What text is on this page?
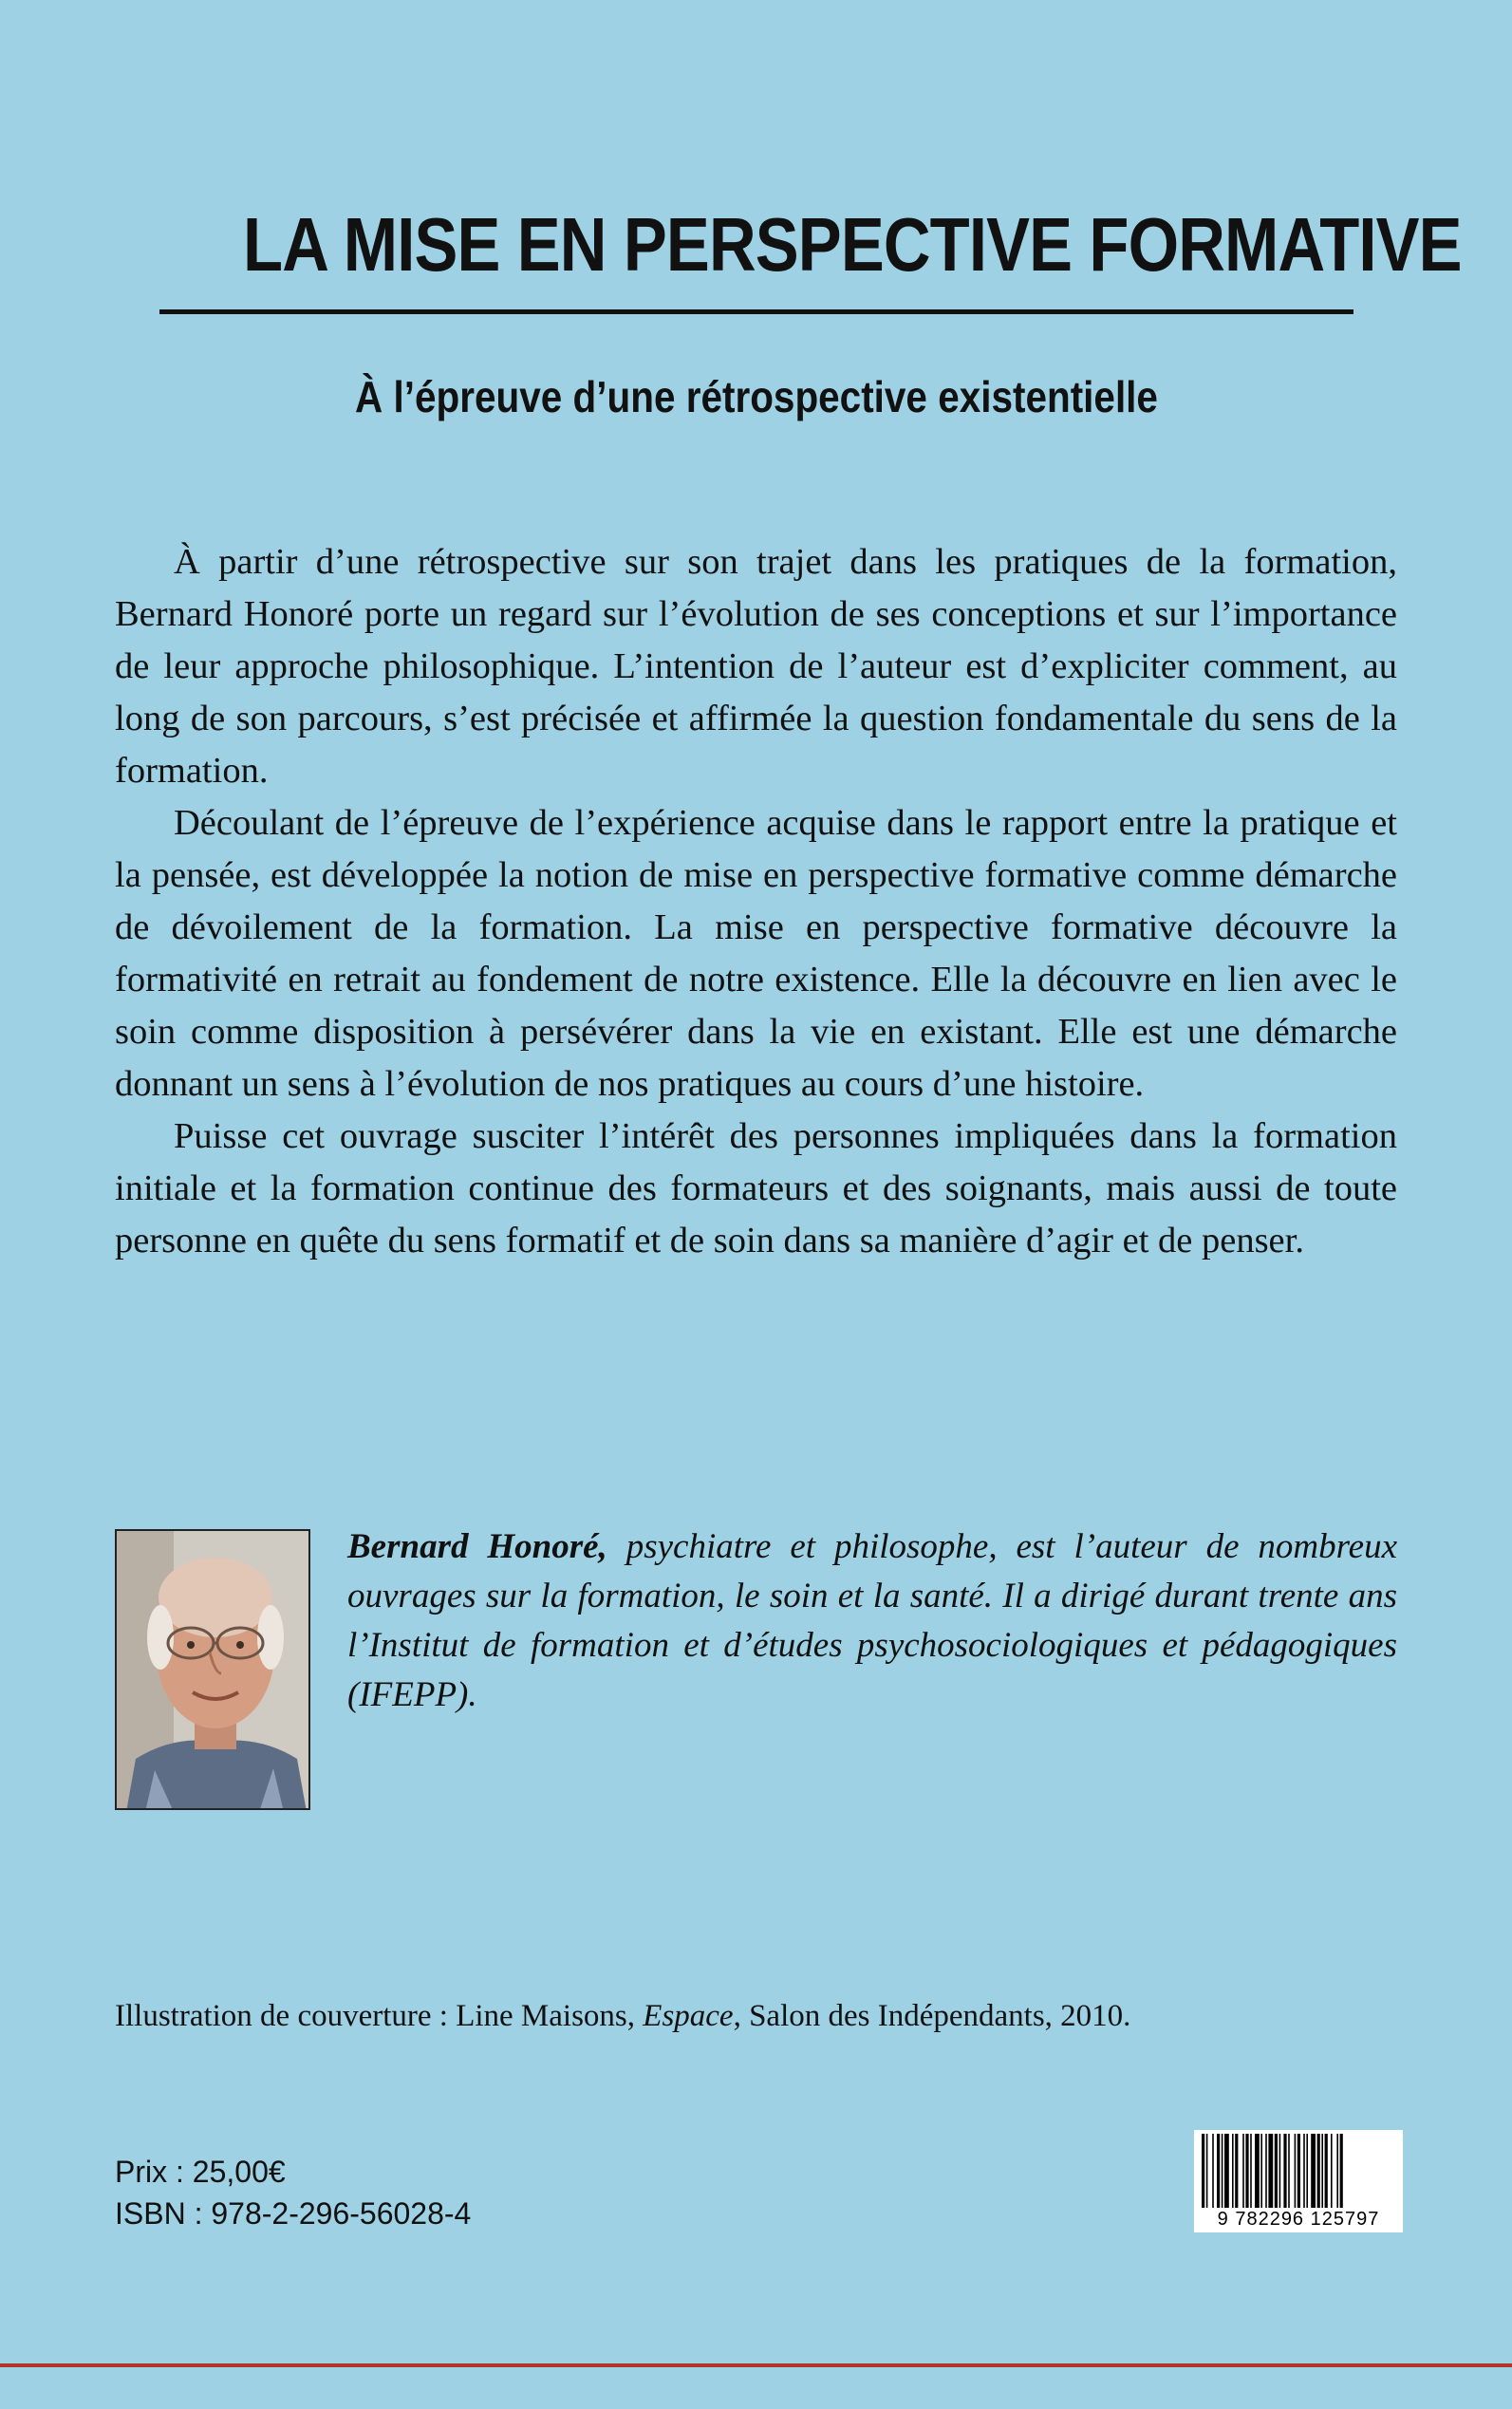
LA MISE EN PERSPECTIVE FORMATIVE
À l’épreuve d’une rétrospective existentielle

À partir d’une rétrospective sur son trajet dans les pratiques de la formation, Bernard Honoré porte un regard sur l’évolution de ses conceptions et sur l’importance de leur approche philosophique. L’intention de l’auteur est d’expliciter comment, au long de son parcours, s’est précisée et affirmée la question fondamentale du sens de la formation.

Découlant de l’épreuve de l’expérience acquise dans le rapport entre la pratique et la pensée, est développée la notion de mise en perspective formative comme démarche de dévoilement de la formation. La mise en perspective formative découvre la formativité en retrait au fondement de notre existence. Elle la découvre en lien avec le soin comme disposition à persévérer dans la vie en existant. Elle est une démarche donnant un sens à l’évolution de nos pratiques au cours d’une histoire.

Puisse cet ouvrage susciter l’intérêt des personnes impliquées dans la formation initiale et la formation continue des formateurs et des soignants, mais aussi de toute personne en quête du sens formatif et de soin dans sa manière d’agir et de penser.

Bernard Honoré, psychiatre et philosophe, est l’auteur de nombreux ouvrages sur la formation, le soin et la santé. Il a dirigé durant trente ans l’Institut de formation et d’études psychosociologiques et pédagogiques (IFEPP).

Illustration de couverture : Line Maisons, Espace, Salon des Indépendants, 2010.

Prix : 25,00€

ISBN : 978-2-296-56028-4	9 782296 125797
